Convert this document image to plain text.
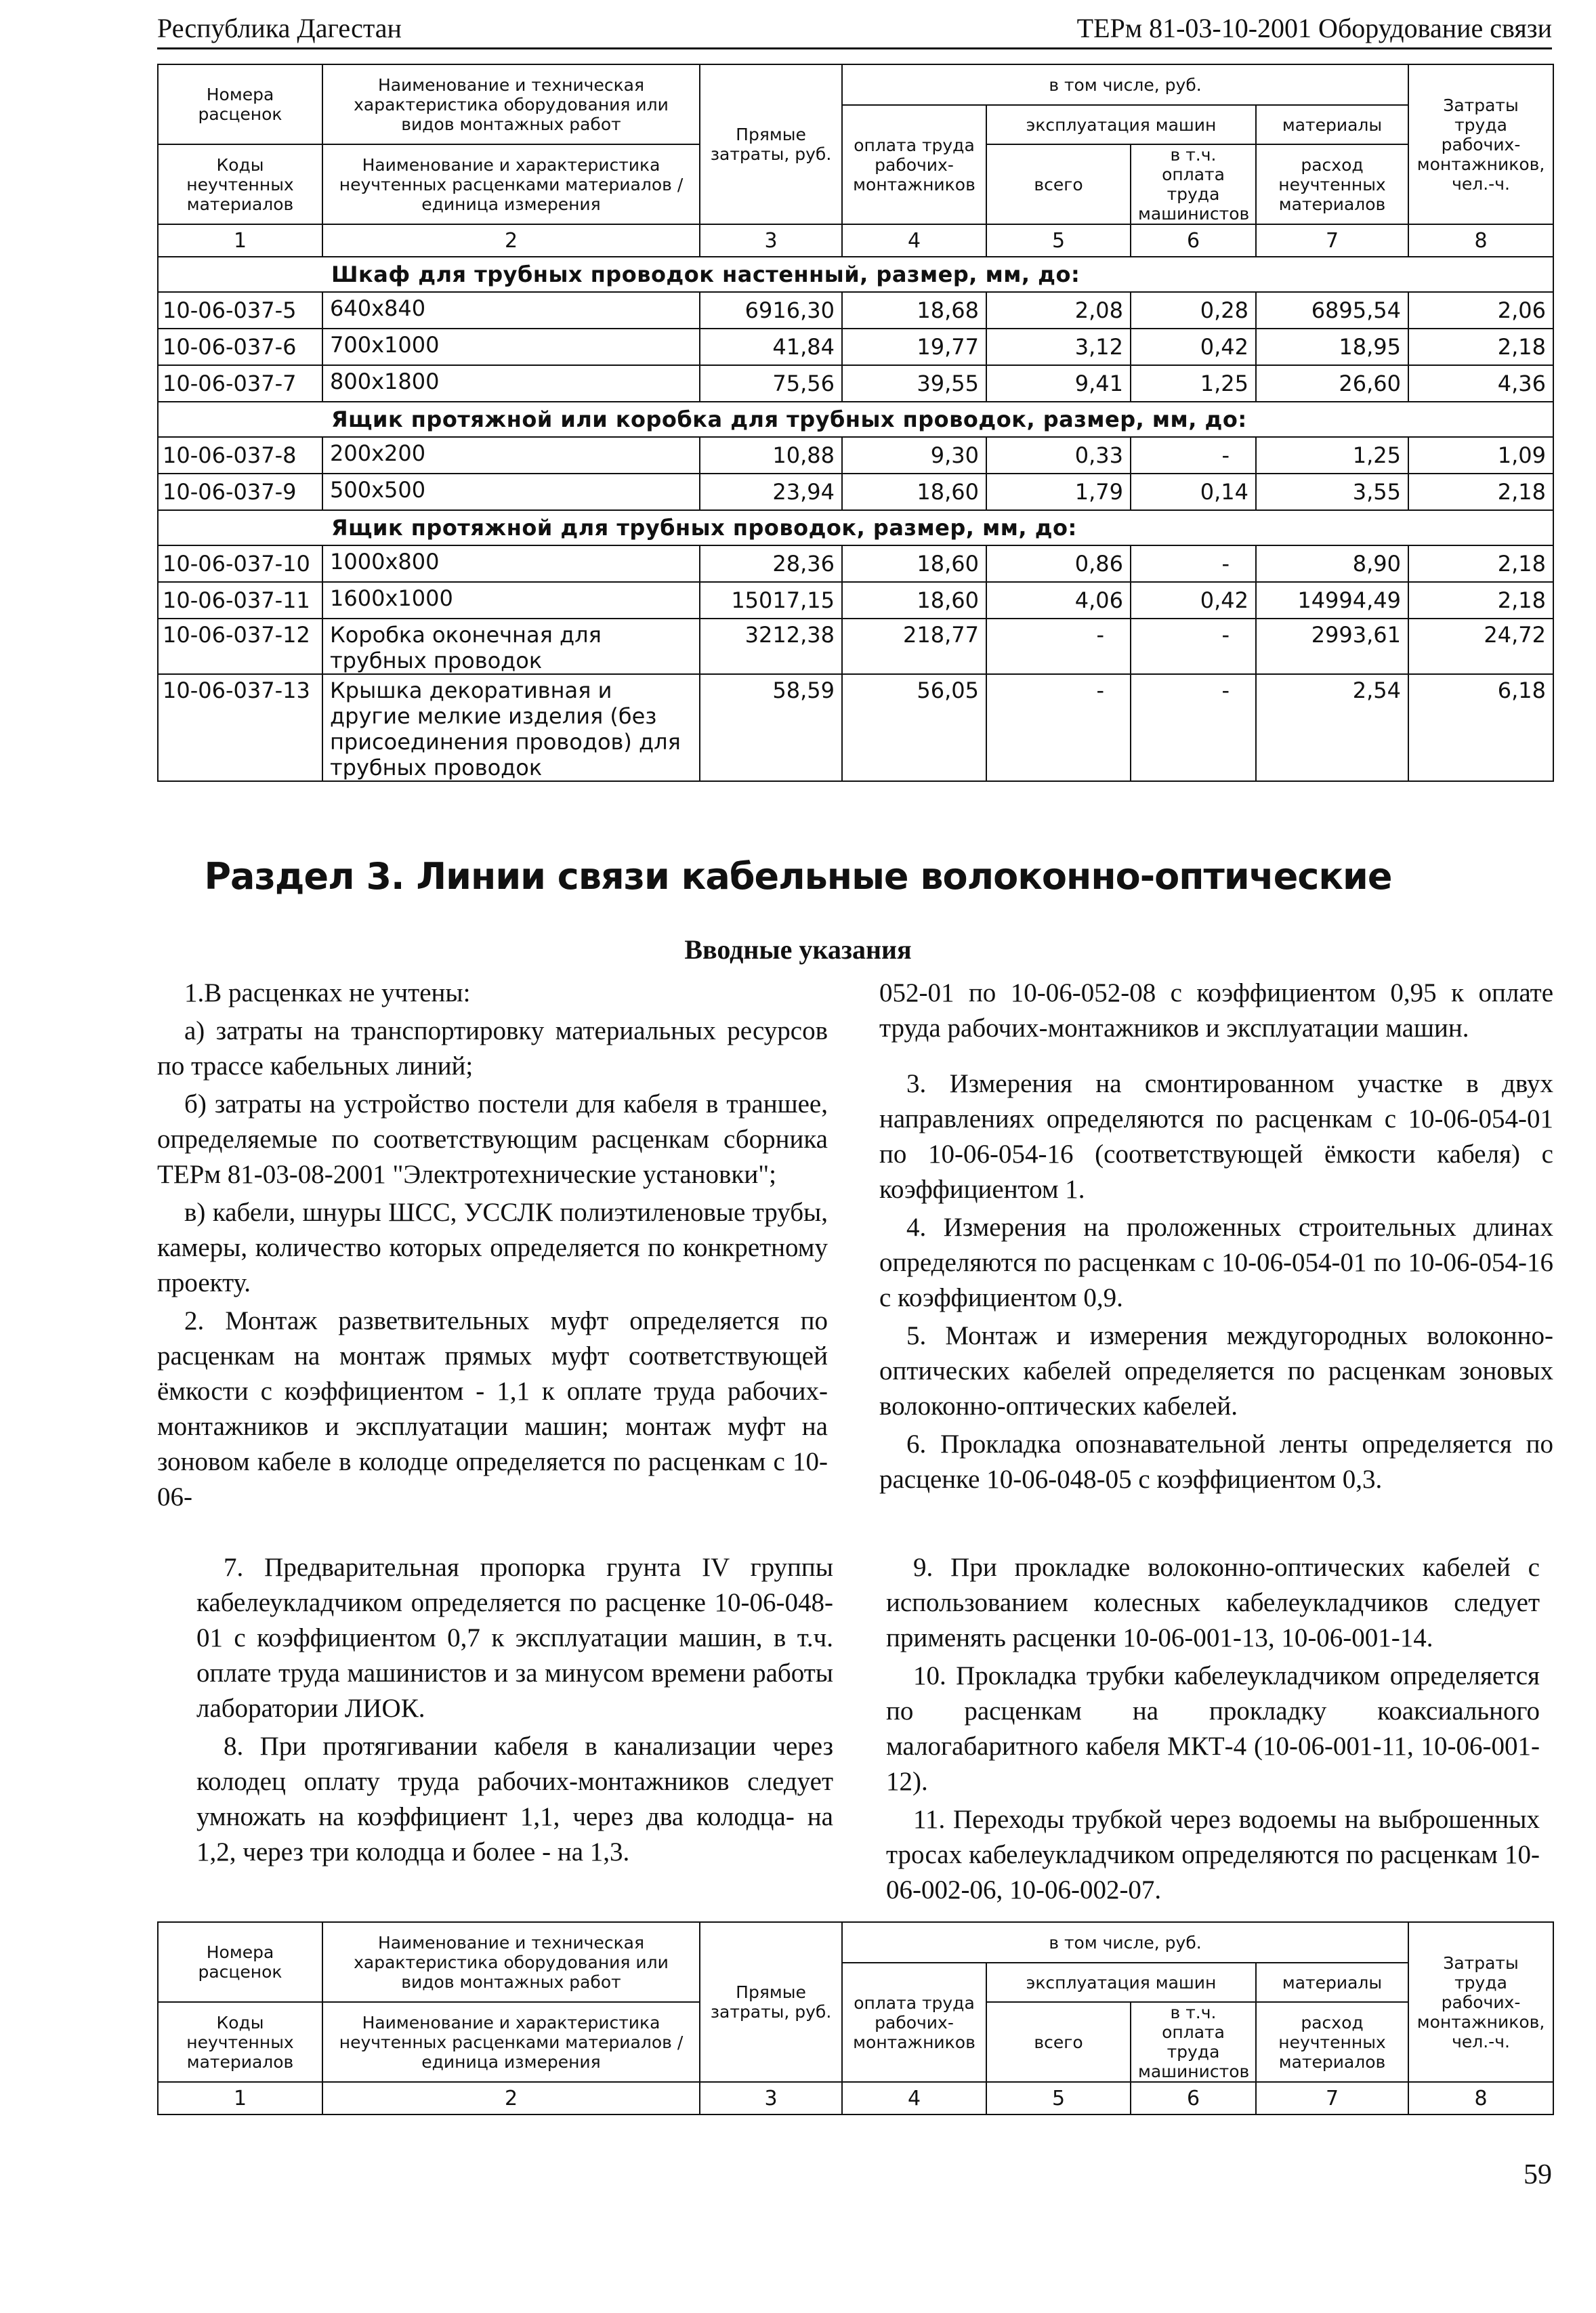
Республика Дагестан	ТЕРм 81-03-10-2001 Оборудование связи
Номера расценок	Наименование и техническая характеристика оборудования или видов монтажных работ	Прямые затраты, руб.	в том числе, руб.				Затраты труда рабочих-монтажников, чел.-ч.
			оплата труда рабочих-монтажников	эксплуатация машин		материалы	
Коды неучтенных материалов	Наименование и характеристика неучтенных расценками материалов / единица измерения			всего	в т.ч. оплата труда машинистов	расход неучтенных материалов	
1	2	3	4	5	6	7	8
Шкаф для трубных проводок настенный, размер, мм, до:							
10-06-037-5	640x840	6916,30	18,68	2,08	0,28	6895,54	2,06
10-06-037-6	700x1000	41,84	19,77	3,12	0,42	18,95	2,18
10-06-037-7	800x1800	75,56	39,55	9,41	1,25	26,60	4,36
Ящик протяжной или коробка для трубных проводок, размер, мм, до:							
10-06-037-8	200x200	10,88	9,30	0,33	-	1,25	1,09
10-06-037-9	500x500	23,94	18,60	1,79	0,14	3,55	2,18
Ящик протяжной для трубных проводок, размер, мм, до:							
10-06-037-10	1000x800	28,36	18,60	0,86	-	8,90	2,18
10-06-037-11	1600x1000	15017,15	18,60	4,06	0,42	14994,49	2,18
10-06-037-12	Коробка оконечная для трубных проводок	3212,38	218,77	-	-	2993,61	24,72
10-06-037-13	Крышка декоративная и другие мелкие изделия (без присоединения проводов) для трубных проводок	58,59	56,05	-	-	2,54	6,18
Раздел 3. Линии связи кабельные волоконно-оптические
Вводные указания

1.В расценках не учтены:

а) затраты на транспортировку материальных ресурсов по трассе кабельных линий;

б) затраты на устройство постели для кабеля в траншее, определяемые по соответствующим расценкам сборника ТЕРм 81-03-08-2001 "Электротехнические установки";

в) кабели, шнуры ШСС, УССЛК полиэтиленовые трубы, камеры, количество которых определяется по конкретному проекту.

2. Монтаж разветвительных муфт определяется по расценкам на монтаж прямых муфт соответствующей ёмкости с коэффициентом - 1,1 к оплате труда рабочих- монтажников и эксплуатации машин; монтаж муфт на зоновом кабеле в колодце определяется по расценкам с 10-06-

052-01 по 10-06-052-08 с коэффициентом 0,95 к оплате труда рабочих-монтажников и эксплуатации машин.

3. Измерения на смонтированном участке в двух направлениях определяются по расценкам с 10-06-054-01 по 10-06-054-16 (соответствующей ёмкости кабеля) с коэффициентом 1.

4. Измерения на проложенных строительных длинах определяются по расценкам с 10-06-054-01 по 10-06-054-16 с коэффициентом 0,9.

5. Монтаж и измерения междугородных волоконно-оптических кабелей определяется по расценкам зоновых волоконно-оптических кабелей.

6. Прокладка опознавательной ленты определяется по расценке 10-06-048-05 с коэффициентом 0,3.

7. Предварительная пропорка грунта IV группы кабелеукладчиком определяется по расценке 10-06-048-01 с коэффициентом 0,7 к эксплуатации машин, в т.ч. оплате труда машинистов и за минусом времени работы лаборатории ЛИОК.

8. При протягивании кабеля в канализации через колодец оплату труда рабочих-монтажников следует умножать на коэффициент 1,1, через два колодца- на 1,2, через три колодца и более - на 1,3.

9. При прокладке волоконно-оптических кабелей с использованием колесных кабелеукладчиков следует применять расценки 10-06-001-13, 10-06-001-14.

10. Прокладка трубки кабелеукладчиком определяется по расценкам на прокладку коаксиального малогабаритного кабеля МКТ-4 (10-06-001-11, 10-06-001-12).

11. Переходы трубкой через водоемы на выброшенных тросах кабелеукладчиком определяются по расценкам 10-06-002-06, 10-06-002-07.

Номера расценок	Наименование и техническая характеристика оборудования или видов монтажных работ	Прямые затраты, руб.	в том числе, руб.				Затраты труда рабочих-монтажников, чел.-ч.
			оплата труда рабочих-монтажников	эксплуатация машин		материалы	
Коды неучтенных материалов	Наименование и характеристика неучтенных расценками материалов / единица измерения			всего	в т.ч. оплата труда машинистов	расход неучтенных материалов	
1	2	3	4	5	6	7	8
59
